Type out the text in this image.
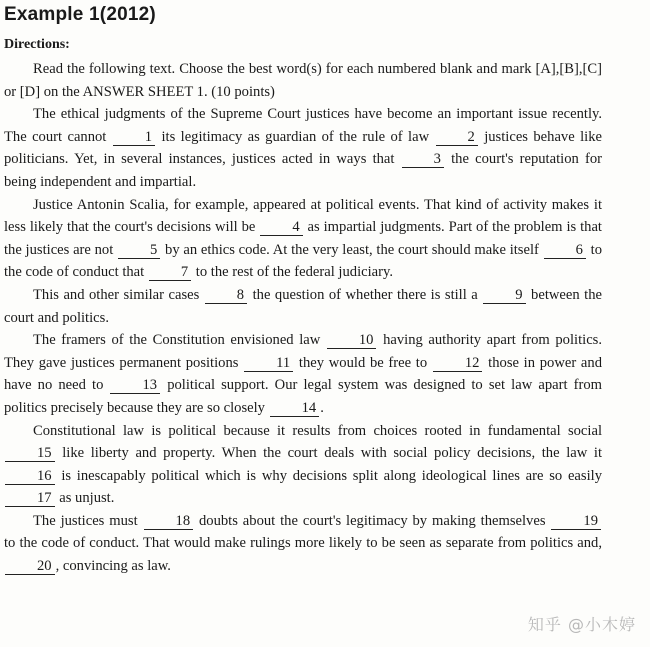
Example 1(2012)
Directions:

Read the following text. Choose the best word(s) for each numbered blank and mark [A],[B],[C] or [D] on the ANSWER SHEET 1. (10 points)

The ethical judgments of the Supreme Court justices have become an important issue recently. The court cannot 1 its legitimacy as guardian of the rule of law 2 justices behave like politicians. Yet, in several instances, justices acted in ways that 3 the court's reputation for being independent and impartial.

Justice Antonin Scalia, for example, appeared at political events. That kind of activity makes it less likely that the court's decisions will be 4 as impartial judgments. Part of the problem is that the justices are not 5 by an ethics code. At the very least, the court should make itself 6 to the code of conduct that 7 to the rest of the federal judiciary.

This and other similar cases 8 the question of whether there is still a 9 between the court and politics.

The framers of the Constitution envisioned law 10 having authority apart from politics. They gave justices permanent positions 11 they would be free to 12 those in power and have no need to 13 political support. Our legal system was designed to set law apart from politics precisely because they are so closely 14 .

Constitutional law is political because it results from choices rooted in fundamental social 15 like liberty and property. When the court deals with social policy decisions, the law it 16 is inescapably political which is why decisions split along ideological lines are so easily 17 as unjust.

The justices must 18 doubts about the court's legitimacy by making themselves 19 to the code of conduct. That would make rulings more likely to be seen as separate from politics and, 20 , convincing as law.

知乎 @小木婷
